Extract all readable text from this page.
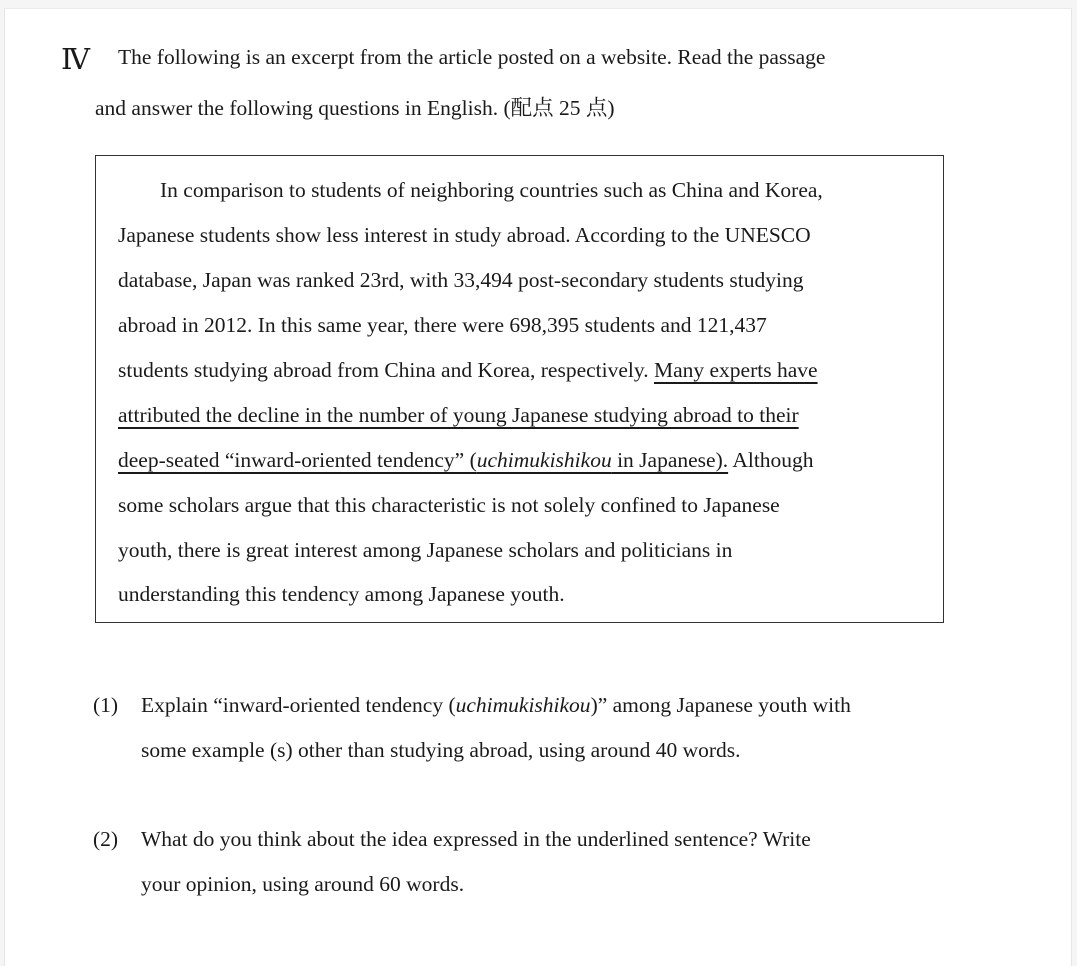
Ⅳ The following is an excerpt from the article posted on a website. Read the passage
and answer the following questions in English. (配点 25 点)
In comparison to students of neighboring countries such as China and Korea,
Japanese students show less interest in study abroad. According to the UNESCO
database, Japan was ranked 23rd, with 33,494 post-secondary students studying
abroad in 2012. In this same year, there were 698,395 students and 121,437
students studying abroad from China and Korea, respectively. Many experts have
attributed the decline in the number of young Japanese studying abroad to their
deep-seated “inward-oriented tendency” (uchimukishikou in Japanese). Although
some scholars argue that this characteristic is not solely confined to Japanese
youth, there is great interest among Japanese scholars and politicians in
understanding this tendency among Japanese youth.
(1) Explain “inward-oriented tendency (uchimukishikou)” among Japanese youth with
some example (s) other than studying abroad, using around 40 words.
(2) What do you think about the idea expressed in the underlined sentence? Write
your opinion, using around 60 words.
